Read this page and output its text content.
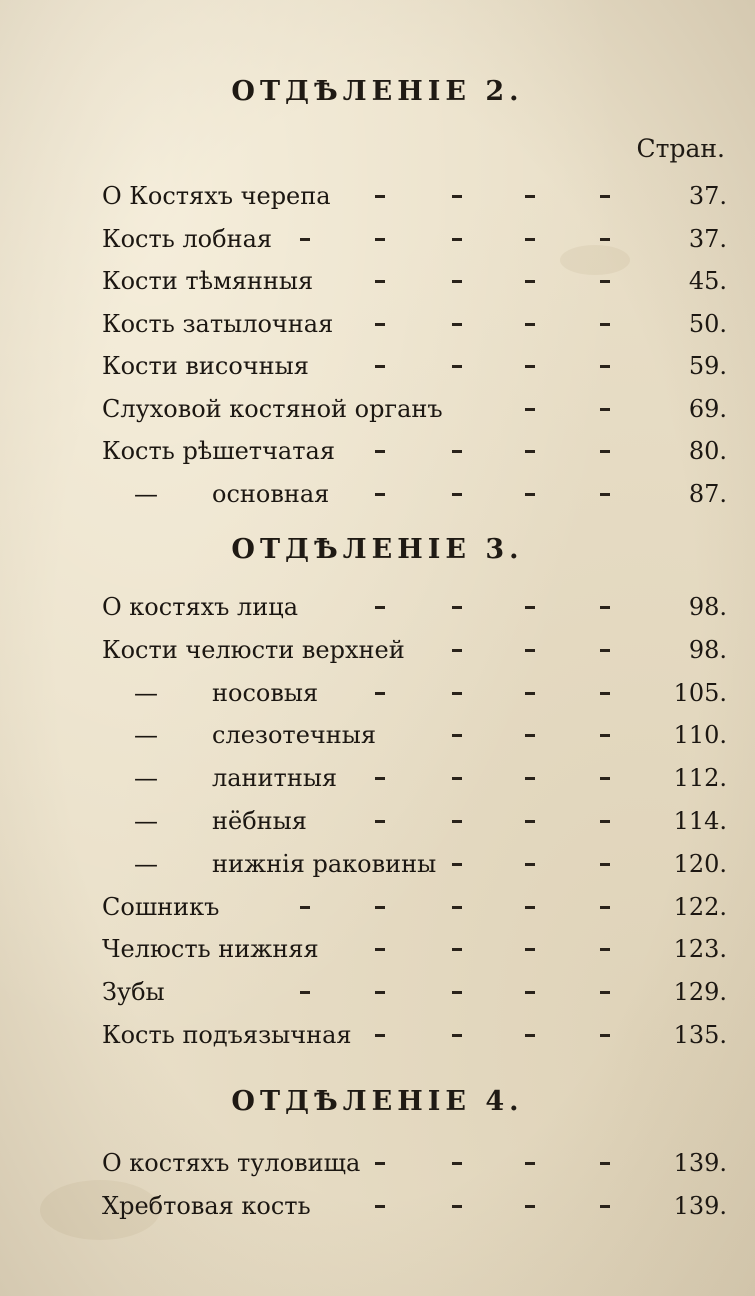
ОТДѢЛЕНІЕ 2.
Стран.
О Костяхъ черепа	37.
Кость лобная	37.
Кости тѣмянныя	45.
Кость затылочная	50.
Кости височныя	59.
Слуховой костяной органъ	69.
Кость рѣшетчатая	80.
— основная	87.
ОТДѢЛЕНІЕ 3.
О костяхъ лица	98.
Кости челюсти верхней	98.
— носовыя	105.
— слезотечныя	110.
— ланитныя	112.
— нёбныя	114.
— нижнія раковины	120.
Сошникъ	122.
Челюсть нижняя	123.
Зубы	129.
Кость подъязычная	135.
ОТДѢЛЕНІЕ 4.
О костяхъ туловища	139.
Хребтовая кость	139.
